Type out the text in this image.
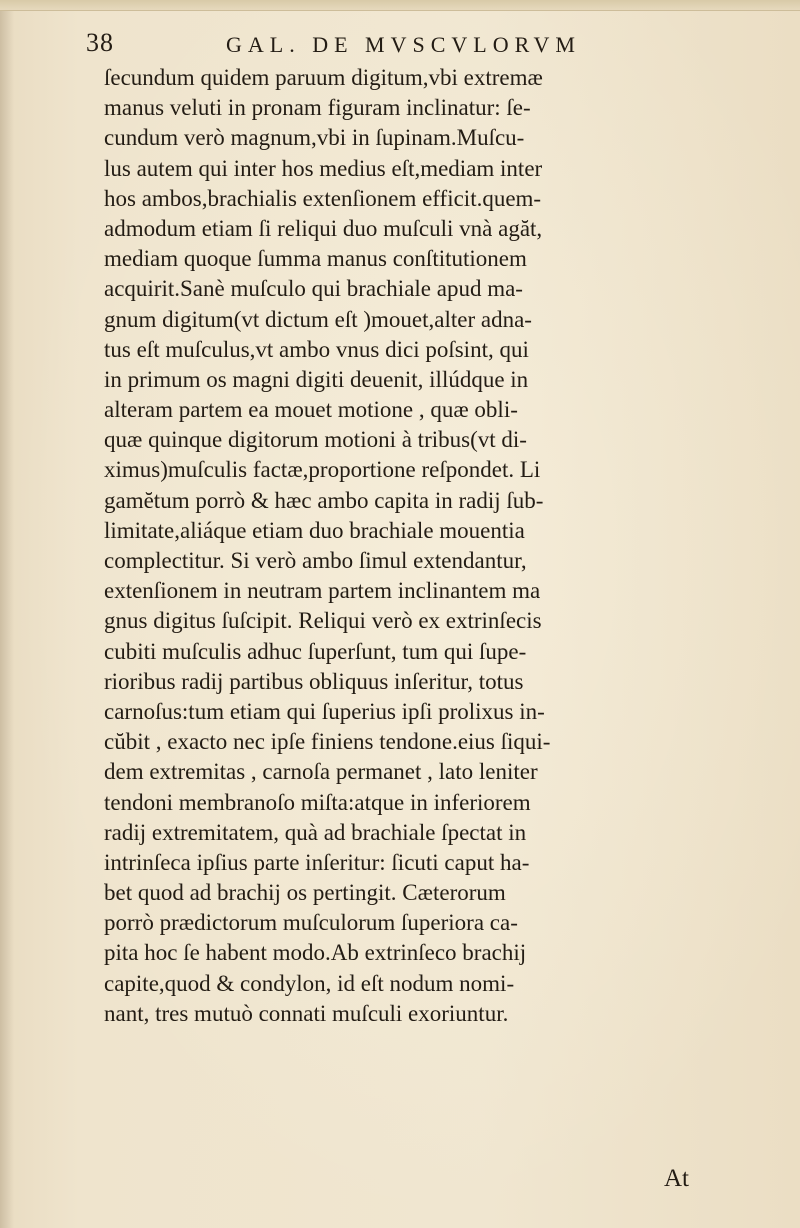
38	GAL. DE MVSCVLORVM
ſecundum quidem paruum digitum,vbi extremæ
manus veluti in pronam figuram inclinatur: ſe-
cundum verò magnum,vbi in ſupinam.Muſcu-
lus autem qui inter hos medius eſt,mediam inter
hos ambos,brachialis extenſionem efficit.quem-
admodum etiam ſi reliqui duo muſculi vnà agăt,
mediam quoque ſumma manus conſtitutionem
acquirit.Sanè muſculo qui brachiale apud ma-
gnum digitum(vt dictum eſt )mouet,alter adna-
tus eſt muſculus,vt ambo vnus dici poſsint, qui
in primum os magni digiti deuenit, illúdque in
alteram partem ea mouet motione , quæ obli-
quæ quinque digitorum motioni à tribus(vt di-
ximus)muſculis factæ,proportione reſpondet. Li
gamĕtum porrò & hæc ambo capita in radij ſub-
limitate,aliáque etiam duo brachiale mouentia
complectitur. Si verò ambo ſimul extendantur,
extenſionem in neutram partem inclinantem ma
gnus digitus ſuſcipit. Reliqui verò ex extrinſecis
cubiti muſculis adhuc ſuperſunt, tum qui ſupe-
rioribus radij partibus obliquus inſeritur, totus
carnoſus:tum etiam qui ſuperius ipſi prolixus in-
cŭbit , exacto nec ipſe finiens tendone.eius ſiqui-
dem extremitas , carnoſa permanet , lato leniter
tendoni membranoſo miſta:atque in inferiorem
radij extremitatem, quà ad brachiale ſpectat in
intrinſeca ipſius parte inſeritur: ſicuti caput ha-
bet quod ad brachij os pertingit. Cæterorum
porrò prædictorum muſculorum ſuperiora ca-
pita hoc ſe habent modo.Ab extrinſeco brachij
capite,quod & condylon, id eſt nodum nomi-
nant, tres mutuò connati muſculi exoriuntur.
At
